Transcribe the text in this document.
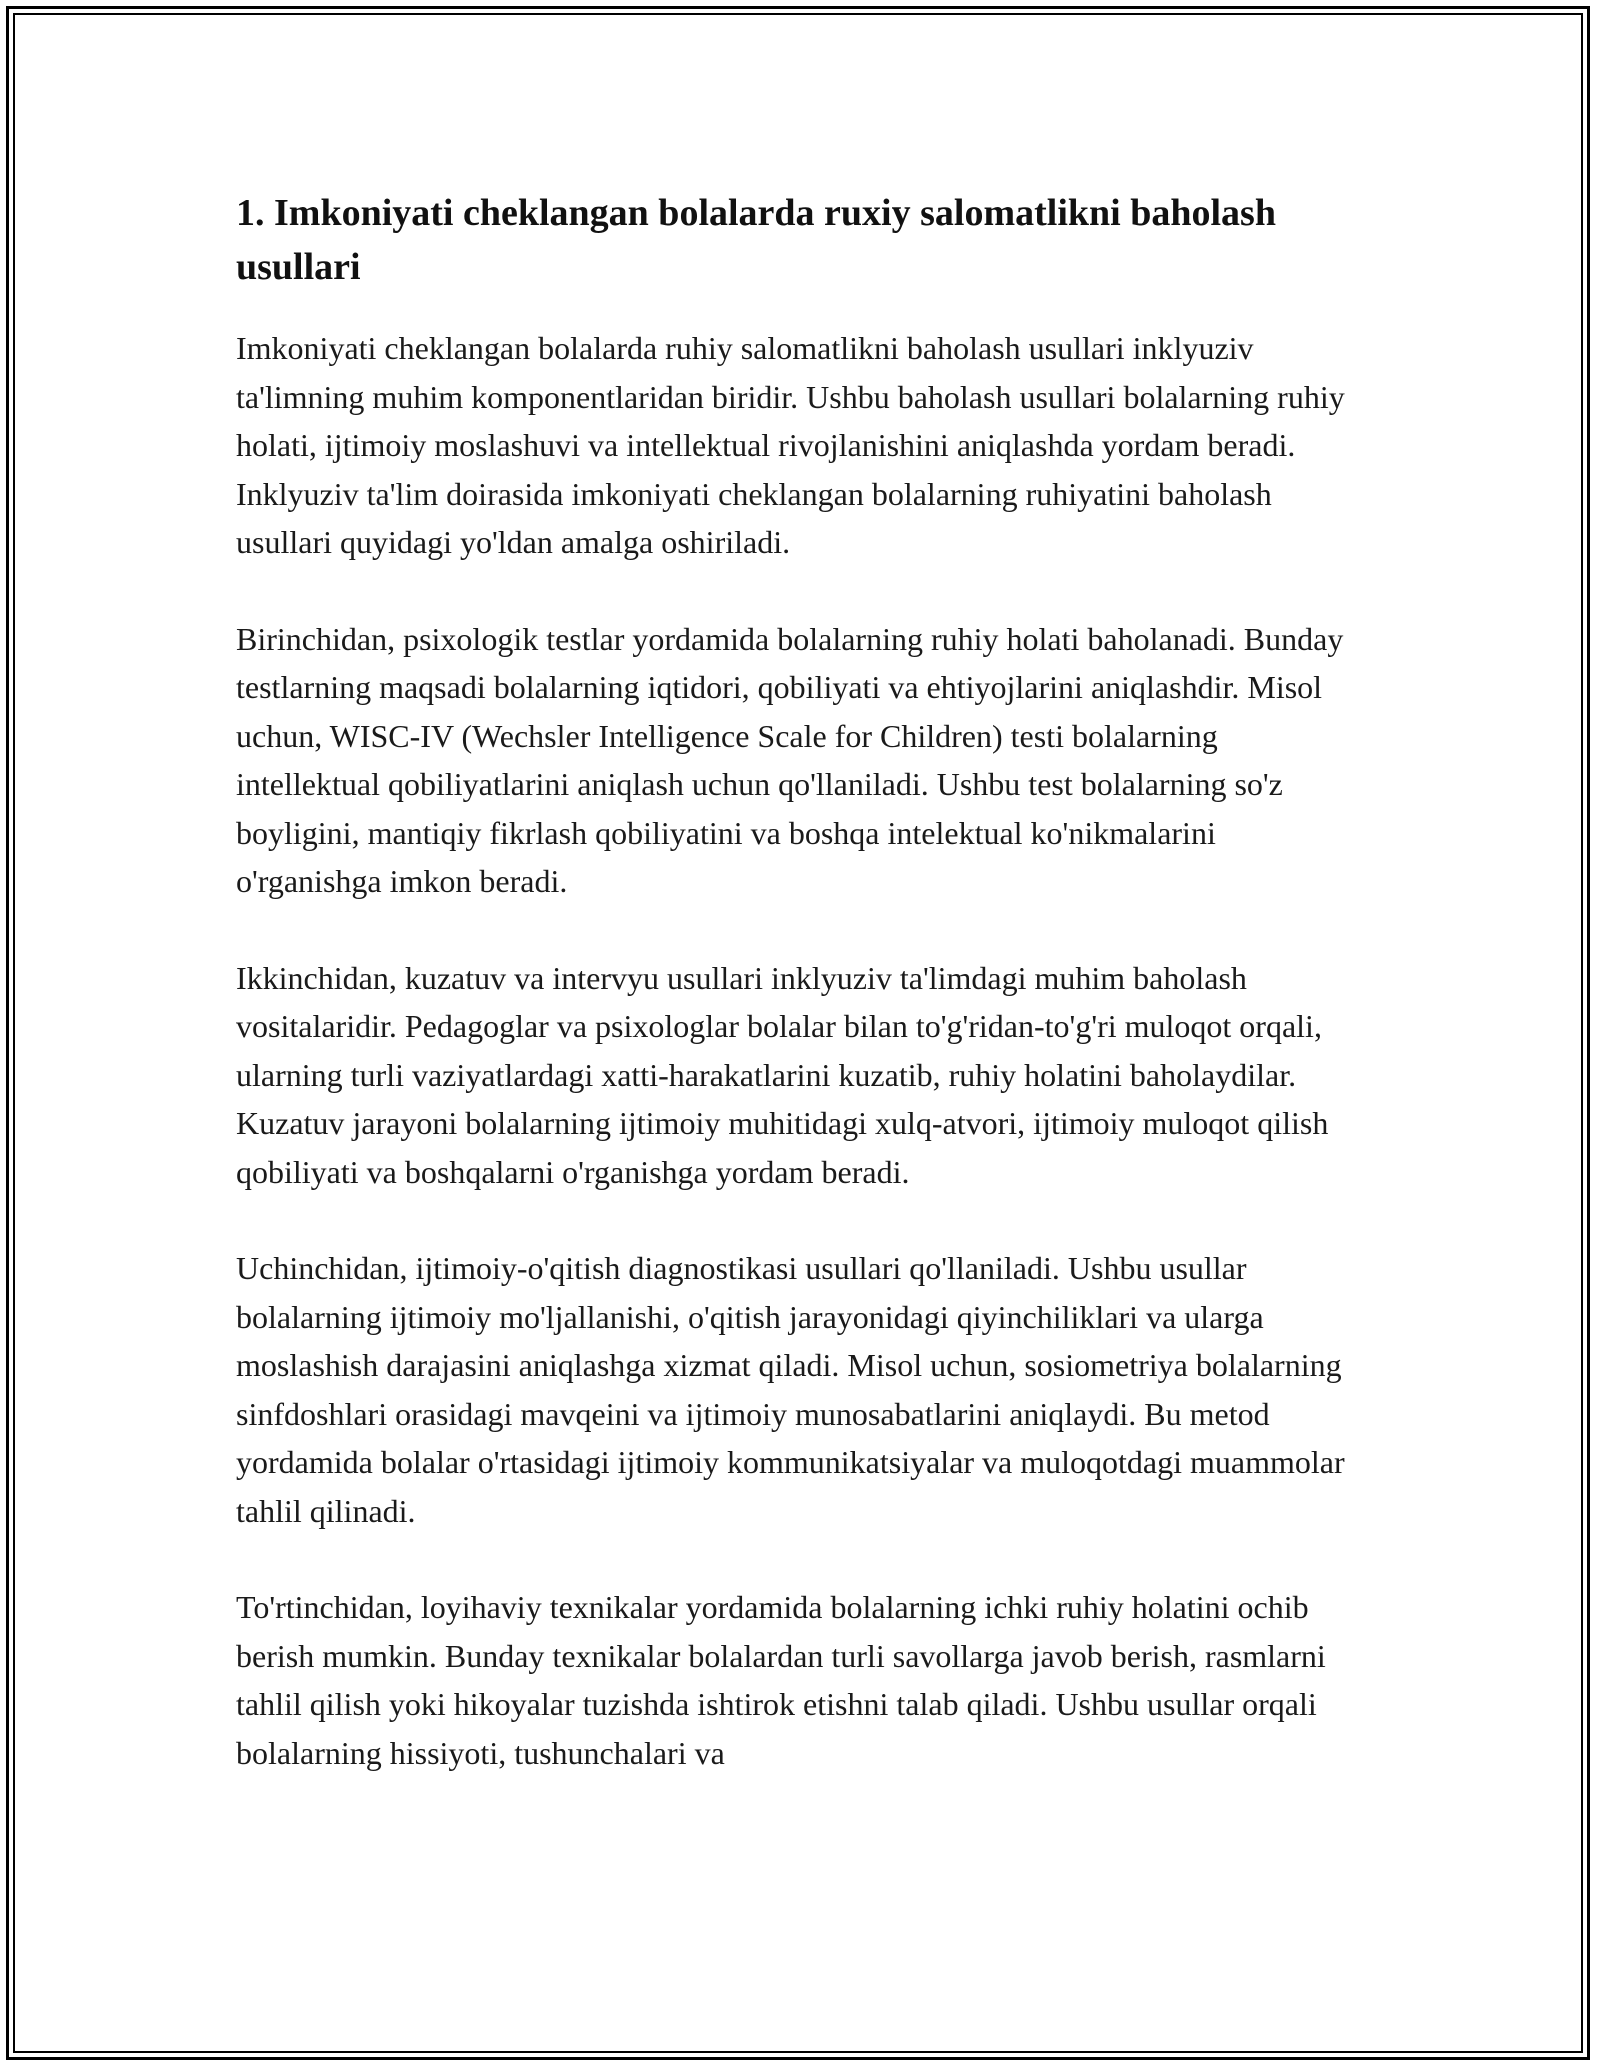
1. Imkoniyati cheklangan bolalarda ruxiy salomatlikni baholash usullari

Imkoniyati cheklangan bolalarda ruhiy salomatlikni baholash usullari inklyuziv ta'limning muhim komponentlaridan biridir. Ushbu baholash usullari bolalarning ruhiy holati, ijtimoiy moslashuvi va intellektual rivojlanishini aniqlashda yordam beradi. Inklyuziv ta'lim doirasida imkoniyati cheklangan bolalarning ruhiyatini baholash usullari quyidagi yo'ldan amalga oshiriladi.

Birinchidan, psixologik testlar yordamida bolalarning ruhiy holati baholanadi. Bunday testlarning maqsadi bolalarning iqtidori, qobiliyati va ehtiyojlarini aniqlashdir. Misol uchun, WISC-IV (Wechsler Intelligence Scale for Children) testi bolalarning intellektual qobiliyatlarini aniqlash uchun qo'llaniladi. Ushbu test bolalarning so'z boyligini, mantiqiy fikrlash qobiliyatini va boshqa intelektual ko'nikmalarini o'rganishga imkon beradi.

Ikkinchidan, kuzatuv va intervyu usullari inklyuziv ta'limdagi muhim baholash vositalaridir. Pedagoglar va psixologlar bolalar bilan to'g'ridan-to'g'ri muloqot orqali, ularning turli vaziyatlardagi xatti-harakatlarini kuzatib, ruhiy holatini baholaydilar. Kuzatuv jarayoni bolalarning ijtimoiy muhitidagi xulq-atvori, ijtimoiy muloqot qilish qobiliyati va boshqalarni o'rganishga yordam beradi.

Uchinchidan, ijtimoiy-o'qitish diagnostikasi usullari qo'llaniladi. Ushbu usullar bolalarning ijtimoiy mo'ljallanishi, o'qitish jarayonidagi qiyinchiliklari va ularga moslashish darajasini aniqlashga xizmat qiladi. Misol uchun, sosiometriya bolalarning sinfdoshlari orasidagi mavqeini va ijtimoiy munosabatlarini aniqlaydi. Bu metod yordamida bolalar o'rtasidagi ijtimoiy kommunikatsiyalar va muloqotdagi muammolar tahlil qilinadi.

To'rtinchidan, loyihaviy texnikalar yordamida bolalarning ichki ruhiy holatini ochib berish mumkin. Bunday texnikalar bolalardan turli savollarga javob berish, rasmlarni tahlil qilish yoki hikoyalar tuzishda ishtirok etishni talab qiladi. Ushbu usullar orqali bolalarning hissiyoti, tushunchalari va
